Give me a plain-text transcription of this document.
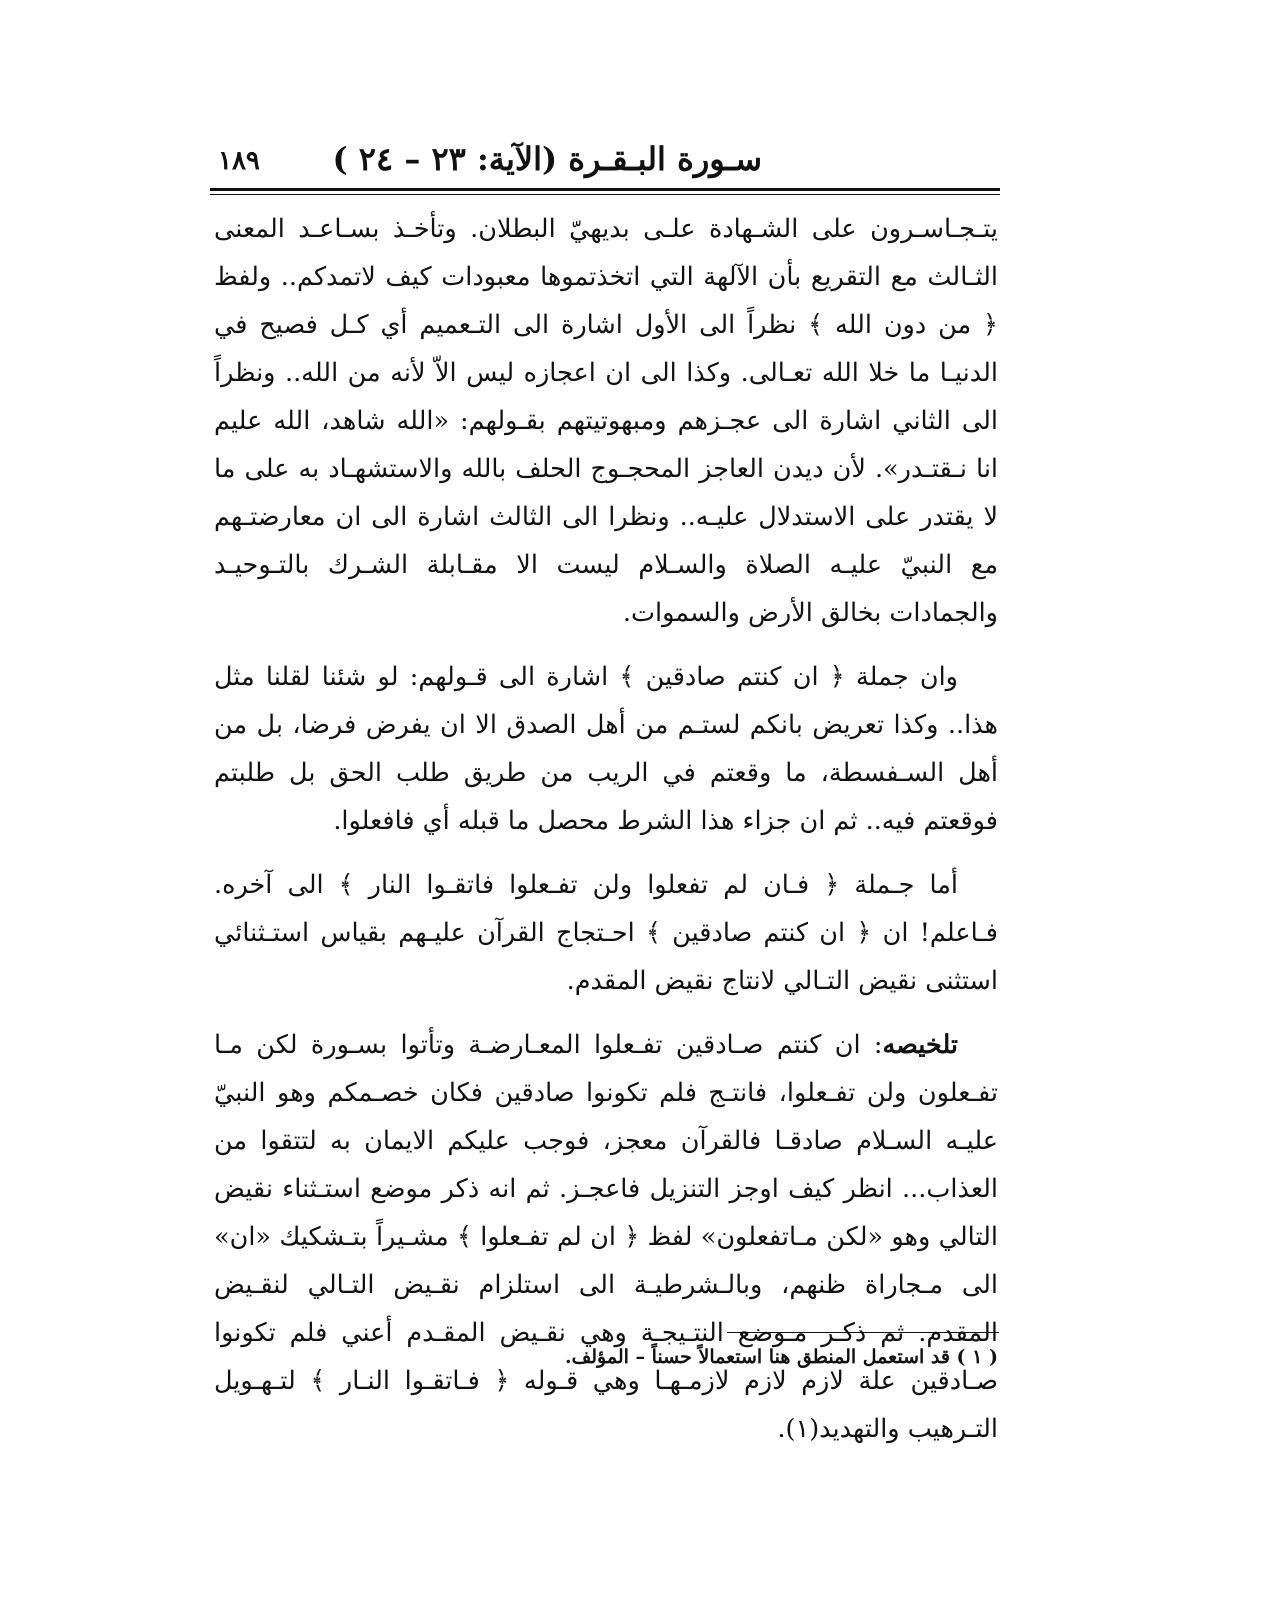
١٨٩ سـورة البـقـرة (الآية: ٢٣ – ٢٤ )

يتـجـاسـرون على الشـهادة علـى بديهيّ البطلان. وتأخـذ بسـاعـد المعنى الثـالث مع التقريع بأن الآلهة التي اتخذتموها معبودات كيف لاتمدكم.. ولفظ ﴿ من دون الله ﴾ نظراً الى الأول اشارة الى التـعميم أي كـل فصيح في الدنيـا ما خلا الله تعـالى. وكذا الى ان اعجازه ليس الاّ لأنه من الله.. ونظراً الى الثاني اشارة الى عجـزهم ومبهوتيتهم بقـولهم: «الله شاهد، الله عليم انا نـقتـدر». لأن ديدن العاجز المحجـوج الحلف بالله والاستشهـاد به على ما لا يقتدر على الاستدلال عليـه.. ونظرا الى الثالث اشارة الى ان معارضتـهم مع النبيّ عليـه الصلاة والسـلام ليست الا مقـابلة الشـرك بالتـوحيـد والجمادات بخالق الأرض والسموات.

وان جملة ﴿ ان كنتم صادقين ﴾ اشارة الى قـولهم: لو شئنا لقلنا مثل هذا.. وكذا تعريض بانكم لستـم من أهل الصدق الا ان يفرض فرضا، بل من أهل السـفسطة، ما وقعتم في الريب من طريق طلب الحق بل طلبتم فوقعتم فيه.. ثم ان جزاء هذا الشرط محصل ما قبله أي فافعلوا.

أما جـملة ﴿ فـان لم تفعلوا ولن تفـعلوا فاتقـوا النار ﴾ الى آخره. فـاعلم! ان ﴿ ان كنتم صادقين ﴾ احـتجاج القرآن عليـهم بقياس استـثنائي استثنى نقيض التـالي لانتاج نقيض المقدم.

تلخيصه: ان كنتم صـادقين تفـعلوا المعـارضـة وتأتوا بسـورة لكن مـا تفـعلون ولن تفـعلوا، فانتـج فلم تكونوا صادقين فكان خصـمكم وهو النبيّ عليـه السـلام صادقـا فالقرآن معجز، فوجب عليكم الايمان به لتتقوا من العذاب... انظر كيف اوجز التنزيل فاعجـز. ثم انه ذكر موضع استـثناء نقيض التالي وهو «لكن مـاتفعلون» لفظ ﴿ ان لم تفـعلوا ﴾ مشـيراً بتـشكيك «ان» الى مـجاراة ظنهم، وبالـشرطيـة الى استلزام نقـيض التـالي لنقـيض المقدم. ثم ذكـر مـوضع النتـيجـة وهي نقـيض المقـدم أعني فلم تكونوا صـادقين علة لازم لازم لازمـهـا وهي قـوله ﴿ فـاتقـوا النـار ﴾ لتـهـويل التـرهيب والتهديد(١).

( ١ ) قد استعمل المنطق هنا استعمالاً حسناً – المؤلف.
